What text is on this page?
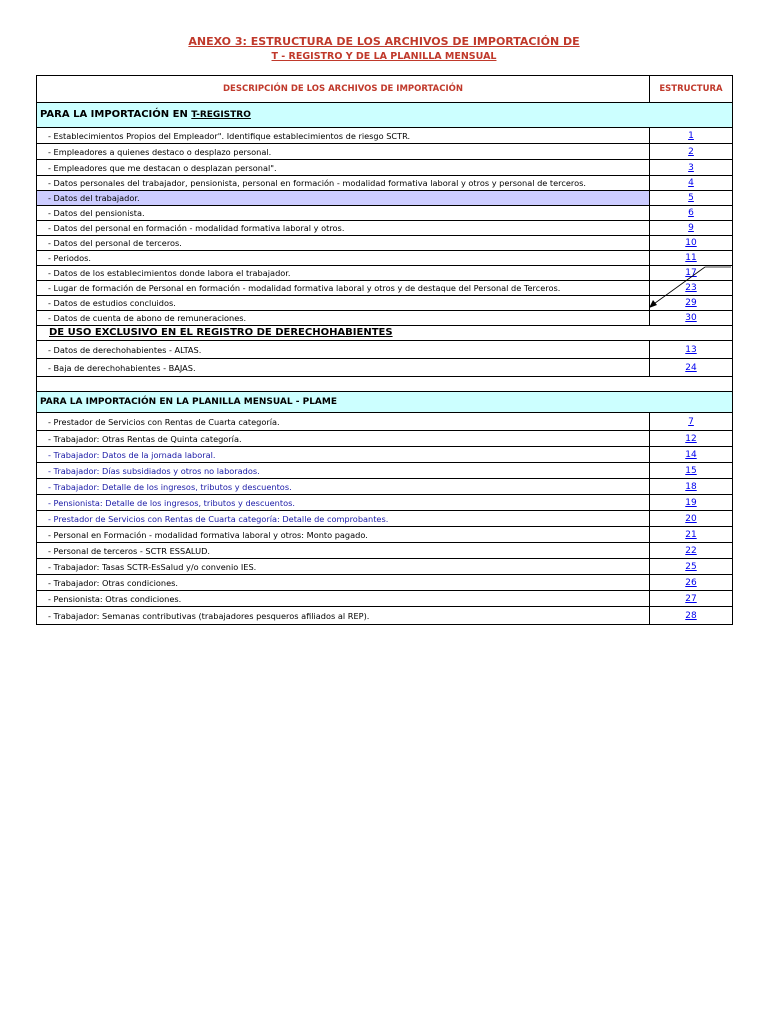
ANEXO 3: ESTRUCTURA DE LOS ARCHIVOS DE IMPORTACIÓN DE
T - REGISTRO Y DE LA PLANILLA MENSUAL
DESCRIPCIÓN DE LOS ARCHIVOS DE IMPORTACIÓN	ESTRUCTURA
PARA LA IMPORTACIÓN EN T-REGISTRO	
- Establecimientos Propios del Empleador". Identifique establecimientos de riesgo SCTR.	1
- Empleadores a quienes destaco o desplazo personal.	2
- Empleadores que me destacan o desplazan personal".	3
- Datos personales del trabajador, pensionista, personal en formación - modalidad formativa laboral y otros y personal de terceros.	4
- Datos del trabajador.	5
- Datos del pensionista.	6
- Datos del personal en formación - modalidad formativa laboral y otros.	9
- Datos del personal de terceros.	10
- Periodos.	11
- Datos de los establecimientos donde labora el trabajador.	17
- Lugar de formación de Personal en formación - modalidad formativa laboral y otros y de destaque del Personal de Terceros.	23
- Datos de estudios concluidos.	29
- Datos de cuenta de abono de remuneraciones.	30
DE USO EXCLUSIVO EN EL REGISTRO DE DERECHOHABIENTES	
- Datos de derechohabientes - ALTAS.	13
- Baja de derechohabientes - BAJAS.	24

PARA LA IMPORTACIÓN EN LA PLANILLA MENSUAL - PLAME	
- Prestador de Servicios con Rentas de Cuarta categoría.	7
- Trabajador: Otras Rentas de Quinta categoría.	12
- Trabajador: Datos de la jornada laboral.	14
- Trabajador: Días subsidiados y otros no laborados.	15
- Trabajador: Detalle de los ingresos, tributos y descuentos.	18
- Pensionista: Detalle de los ingresos, tributos y descuentos.	19
- Prestador de Servicios con Rentas de Cuarta categoría: Detalle de comprobantes.	20
- Personal en Formación - modalidad formativa laboral y otros: Monto pagado.	21
- Personal de terceros - SCTR ESSALUD.	22
- Trabajador: Tasas SCTR-EsSalud y/o convenio IES.	25
- Trabajador: Otras condiciones.	26
- Pensionista: Otras condiciones.	27
- Trabajador: Semanas contributivas (trabajadores pesqueros afiliados al REP).	28
